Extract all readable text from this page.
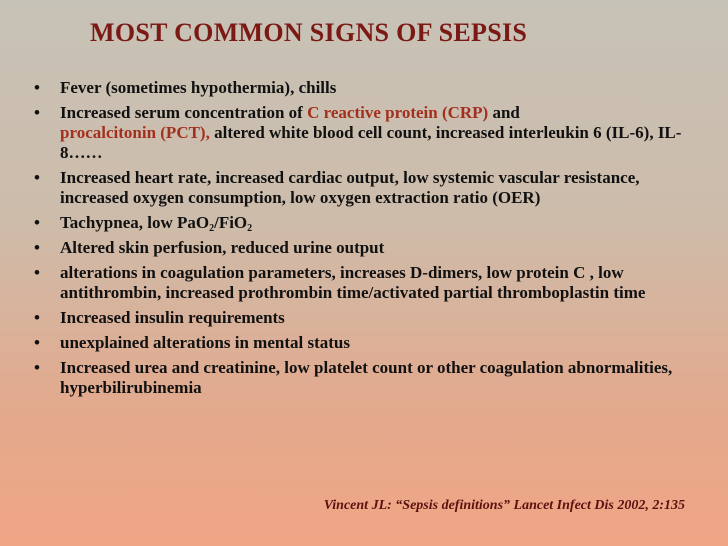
MOST COMMON SIGNS OF SEPSIS
• Fever (sometimes hypothermia), chills
• Increased serum concentration of C reactive protein (CRP) and
procalcitonin (PCT), altered white blood cell count, increased interleukin 6 (IL-6), IL-8……
• Increased heart rate, increased cardiac output, low systemic vascular resistance, increased oxygen consumption, low oxygen extraction ratio (OER)
• Tachypnea, low PaO$_2$/FiO$_2$
• Altered skin perfusion, reduced urine output
• alterations in coagulation parameters, increases D-dimers, low protein C , low antithrombin, increased prothrombin time/activated partial thromboplastin time
• Increased insulin requirements
• unexplained alterations in mental status
• Increased urea and creatinine, low platelet count or other coagulation abnormalities, hyperbilirubinemia
Vincent JL: “Sepsis definitions” Lancet Infect Dis 2002, 2:135
